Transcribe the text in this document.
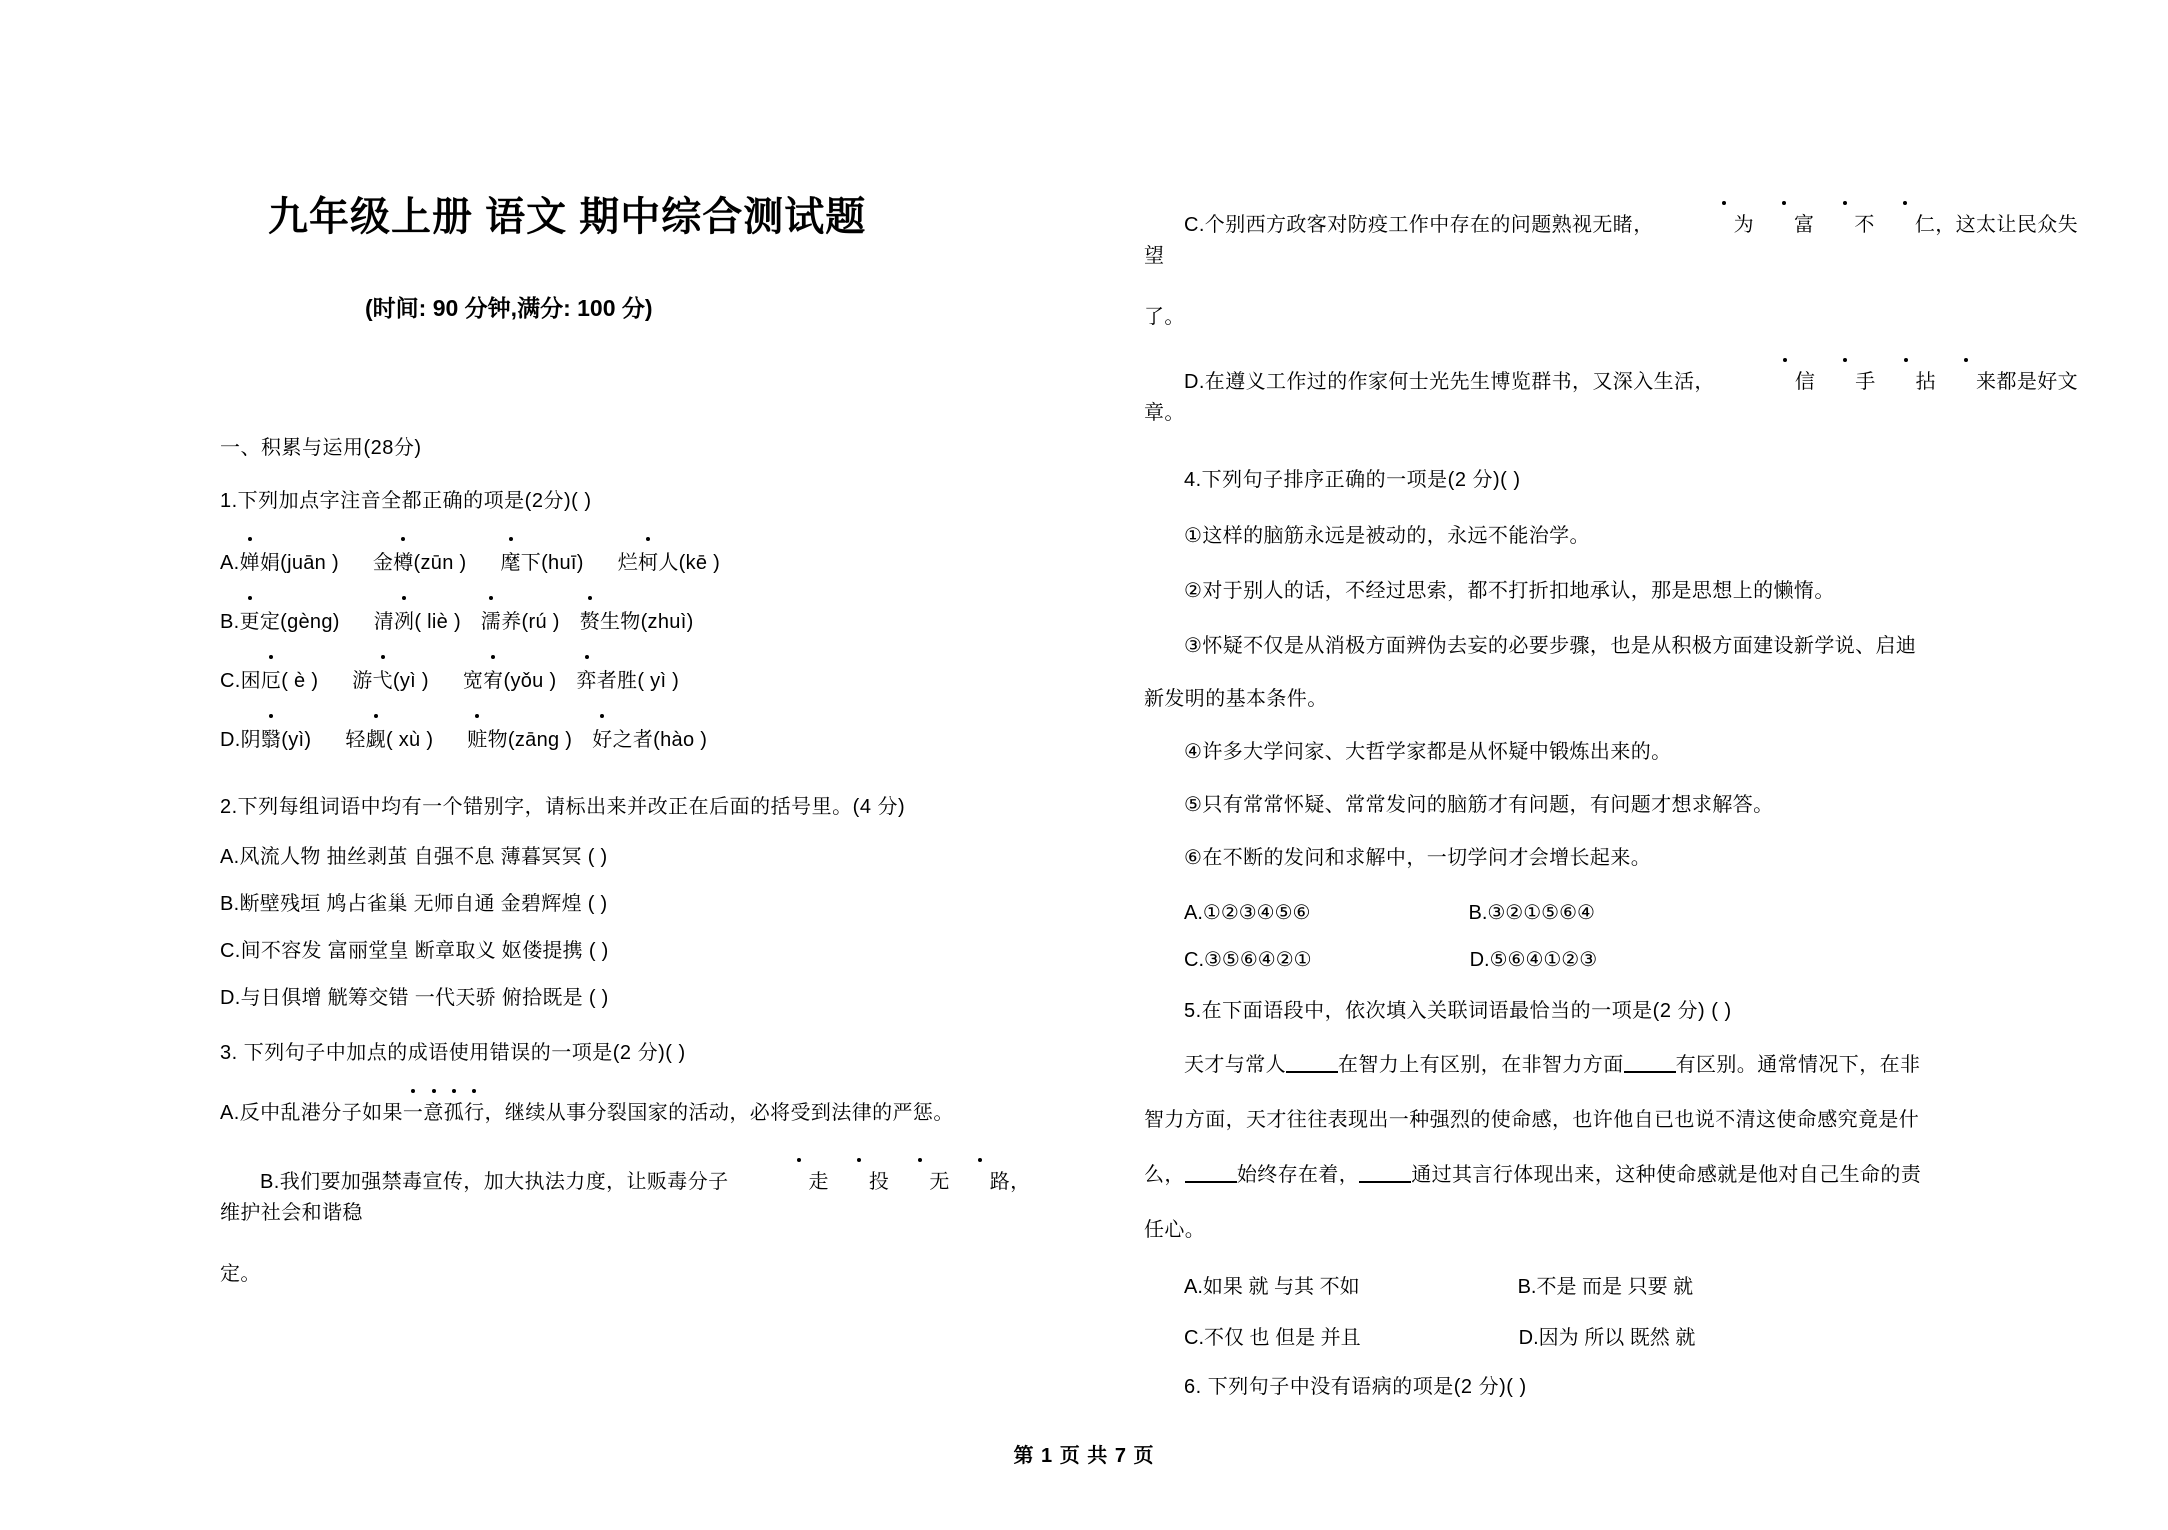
九年级上册 语文 期中综合测试题
(时间: 90 分钟,满分: 100 分)
一、积累与运用(28分)
1.下列加点字注音全都正确的项是(2分)( )
A.婵娟(juān ) 金樽(zūn ) 麾下(huī) 烂柯人(kē )
B.更定(gèng) 清冽( liè ) 濡养(rú ) 赘生物(zhuì)
C.困厄( è ) 游弋(yì ) 宽宥(yǒu ) 弈者胜( yì )
D.阴翳(yì) 轻觑( xù ) 赃物(zāng ) 好之者(hào )
2.下列每组词语中均有一个错别字，请标出来并改正在后面的括号里。(4 分)
A.风流人物 抽丝剥茧 自强不息 薄暮冥冥 ( )
B.断壁残垣 鸠占雀巢 无师自通 金碧辉煌 ( )
C.间不容发 富丽堂皇 断章取义 妪偻提携 ( )
D.与日俱增 觥筹交错 一代天骄 俯拾既是 ( )
3. 下列句子中加点的成语使用错误的一项是(2 分)( )
A.反中乱港分子如果一意孤行，继续从事分裂国家的活动，必将受到法律的严惩。
B.我们要加强禁毒宣传，加大执法力度，让贩毒分子	走 投 无 路，维护社会和谐稳
定。
C.个别西方政客对防疫工作中存在的问题熟视无睹，	为 富 不 仁，这太让民众失望
了。
D.在遵义工作过的作家何士光先生博览群书，又深入生活，	信 手 拈 来都是好文章。
4.下列句子排序正确的一项是(2 分)( )
①这样的脑筋永远是被动的，永远不能治学。
②对于别人的话，不经过思索，都不打折扣地承认，那是思想上的懒惰。
③怀疑不仅是从消极方面辨伪去妄的必要步骤，也是从积极方面建设新学说、启迪
新发明的基本条件。
④许多大学问家、大哲学家都是从怀疑中锻炼出来的。
⑤只有常常怀疑、常常发问的脑筋才有问题，有问题才想求解答。
⑥在不断的发问和求解中，一切学问才会增长起来。
A.①②③④⑤⑥	B.③②①⑤⑥④
C.③⑤⑥④②①	D.⑤⑥④①②③
5.在下面语段中，依次填入关联词语最恰当的一项是(2 分) ( )
天才与常人	在智力上有区别，在非智力方面	有区别。通常情况下，在非
智力方面，天才往往表现出一种强烈的使命感，也许他自已也说不清这使命感究竟是什
么，	始终存在着，	通过其言行体现出来，这种使命感就是他对自己生命的责
任心。
A.如果 就 与其 不如	B.不是 而是 只要 就
C.不仅 也 但是 并且	D.因为 所以 既然 就
6. 下列句子中没有语病的项是(2 分)( )
第 1 页 共 7 页
